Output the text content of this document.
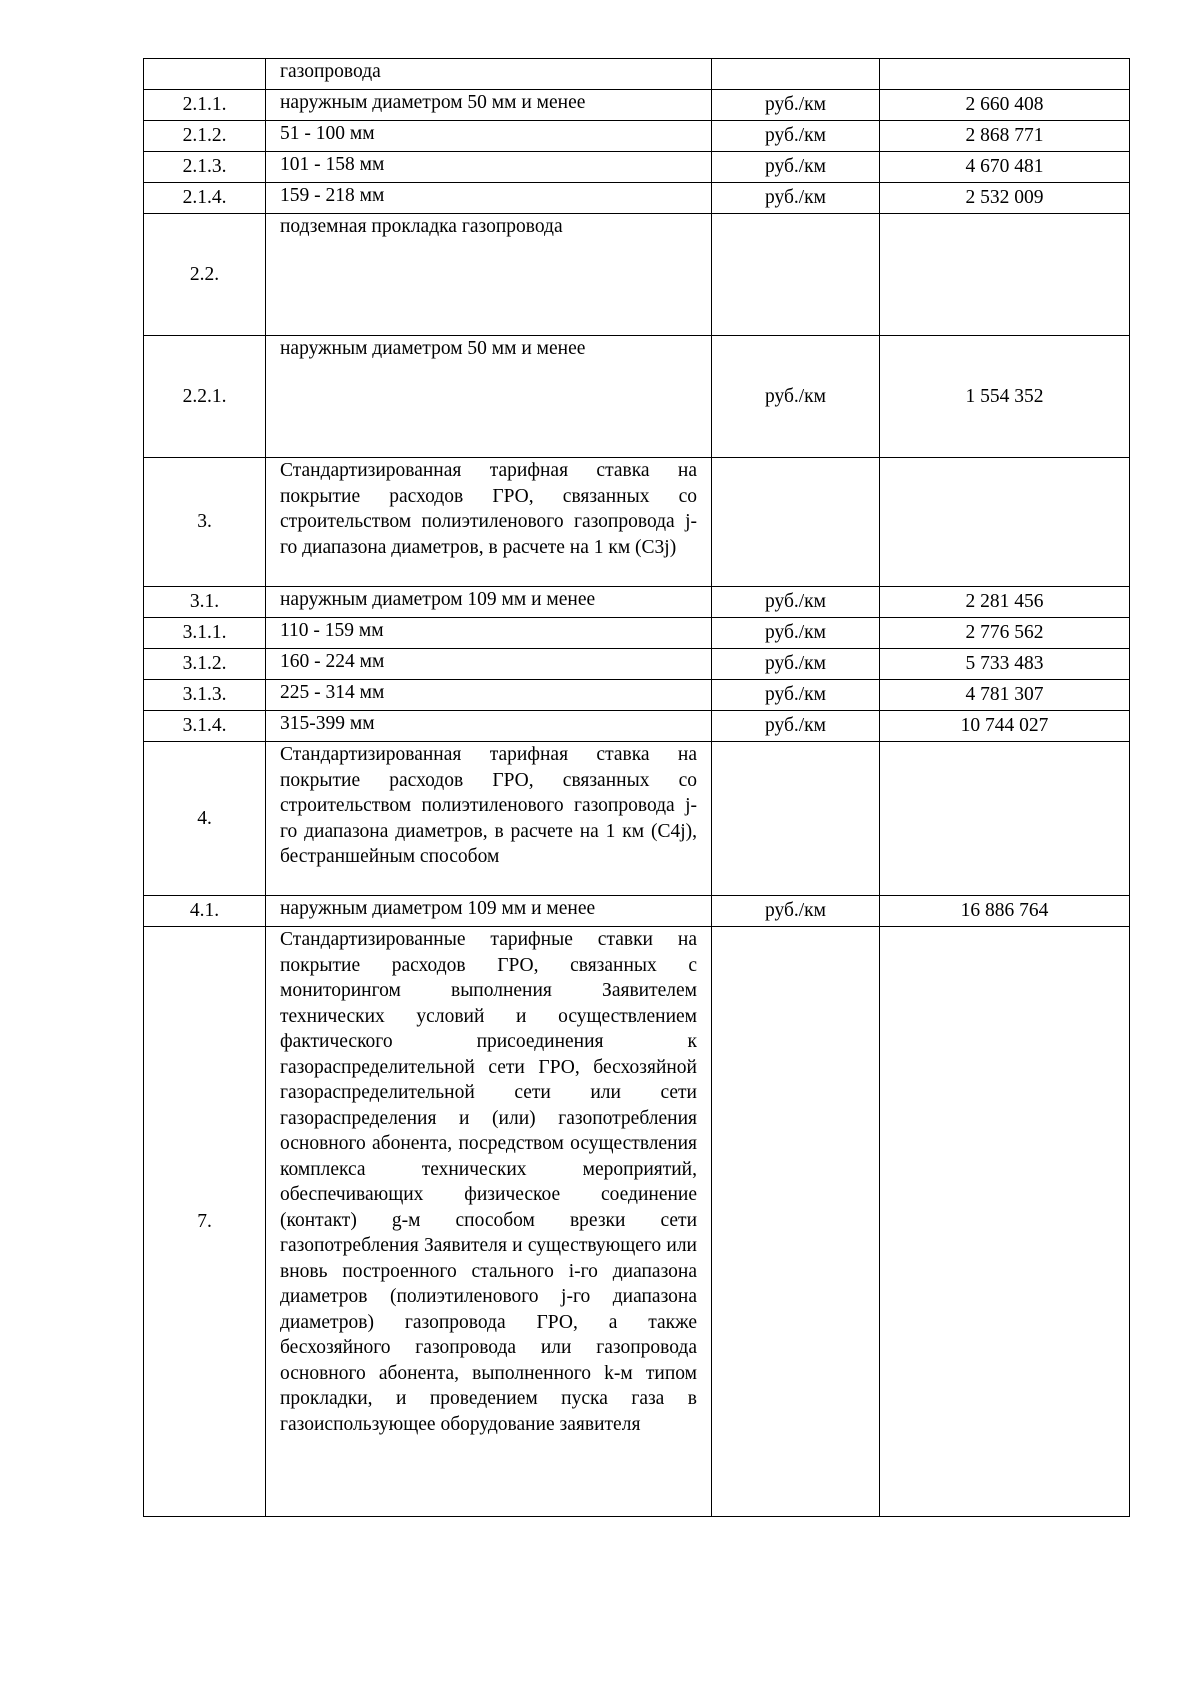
	газопровода		
2.1.1.	наружным диаметром 50 мм и менее	руб./км	2 660 408
2.1.2.	51 - 100 мм	руб./км	2 868 771
2.1.3.	101 - 158 мм	руб./км	4 670 481
2.1.4.	159 - 218 мм	руб./км	2 532 009
2.2.	подземная прокладка газопровода		
2.2.1.	наружным диаметром 50 мм и менее	руб./км	1 554 352
3.	Стандартизированная тарифная ставка на покрытие расходов ГРО, связанных со строительством полиэтиленового газопровода j-го диапазона диаметров, в расчете на 1 км (С3j)		
3.1.	наружным диаметром 109 мм и менее	руб./км	2 281 456
3.1.1.	110 - 159 мм	руб./км	2 776 562
3.1.2.	160 - 224 мм	руб./км	5 733 483
3.1.3.	225 - 314 мм	руб./км	4 781 307
3.1.4.	315-399 мм	руб./км	10 744 027
4.	Стандартизированная тарифная ставка на покрытие расходов ГРО, связанных со строительством полиэтиленового газопровода j-го диапазона диаметров, в расчете на 1 км (С4j), бестраншейным способом		
4.1.	наружным диаметром 109 мм и менее	руб./км	16 886 764
7.	Стандартизированные тарифные ставки на покрытие расходов ГРО, связанных с мониторингом выполнения Заявителем технических условий и осуществлением фактического присоединения к газораспределительной сети ГРО, бесхозяйной газораспределительной сети или сети газораспределения и (или) газопотребления основного абонента, посредством осуществления комплекса технических мероприятий, обеспечивающих физическое соединение (контакт) g-м способом врезки сети газопотребления Заявителя и существующего или вновь построенного стального i-го диапазона диаметров (полиэтиленового j-го диапазона диаметров) газопровода ГРО, а также бесхозяйного газопровода или газопровода основного абонента, выполненного k-м типом прокладки, и проведением пуска газа в газоиспользующее оборудование заявителя		
